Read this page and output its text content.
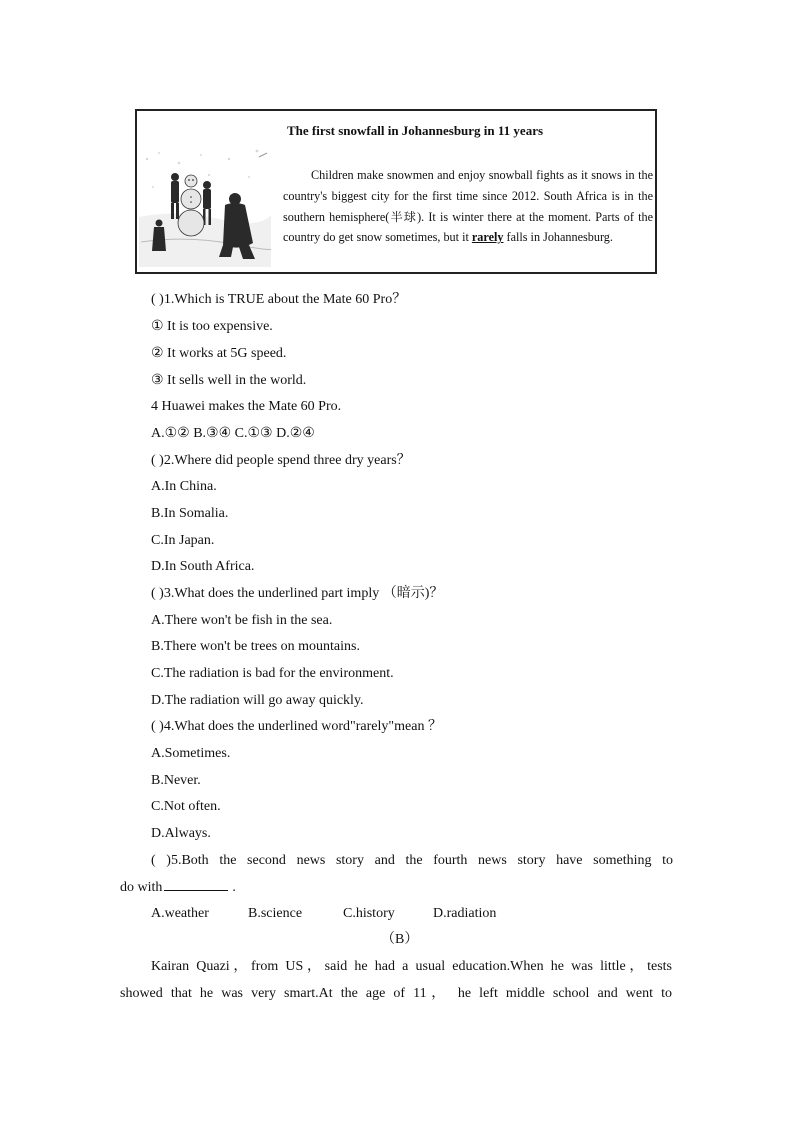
The first snowfall in Johannesburg in 11 years
Children make snowmen and enjoy snowball fights as it snows in the country's biggest city for the first time since 2012. South Africa is in the southern hemisphere(半球). It is winter there at the moment. Parts of the country do get snow sometimes, but it rarely falls in Johannesburg.
( )1.Which is TRUE about the Mate 60 Pro？
① It is too expensive.
② It works at 5G speed.
③ It sells well in the world.
4 Huawei makes the Mate 60 Pro.
A.①② B.③④ C.①③ D.②④
( )2.Where did people spend three dry years？
A.In China.
B.In Somalia.
C.In Japan.
D.In South Africa.
( )3.What does the underlined part imply （暗示)？
A.There won't be fish in the sea.
B.There won't be trees on mountains.
C.The radiation is bad for the environment.
D.The radiation will go away quickly.
( )4.What does the underlined word"rarely"mean ？
A.Sometimes.
B.Never.
C.Not often.
D.Always.
( )5.Both the second news story and the fourth news story have something to
do with	.
A.weather	B.science	C.history	D.radiation
（B）
Kairan Quazi，from US，said he had a usual education.When he was little，tests
showed that he was very smart.At the age of 11， he left middle school and went to
